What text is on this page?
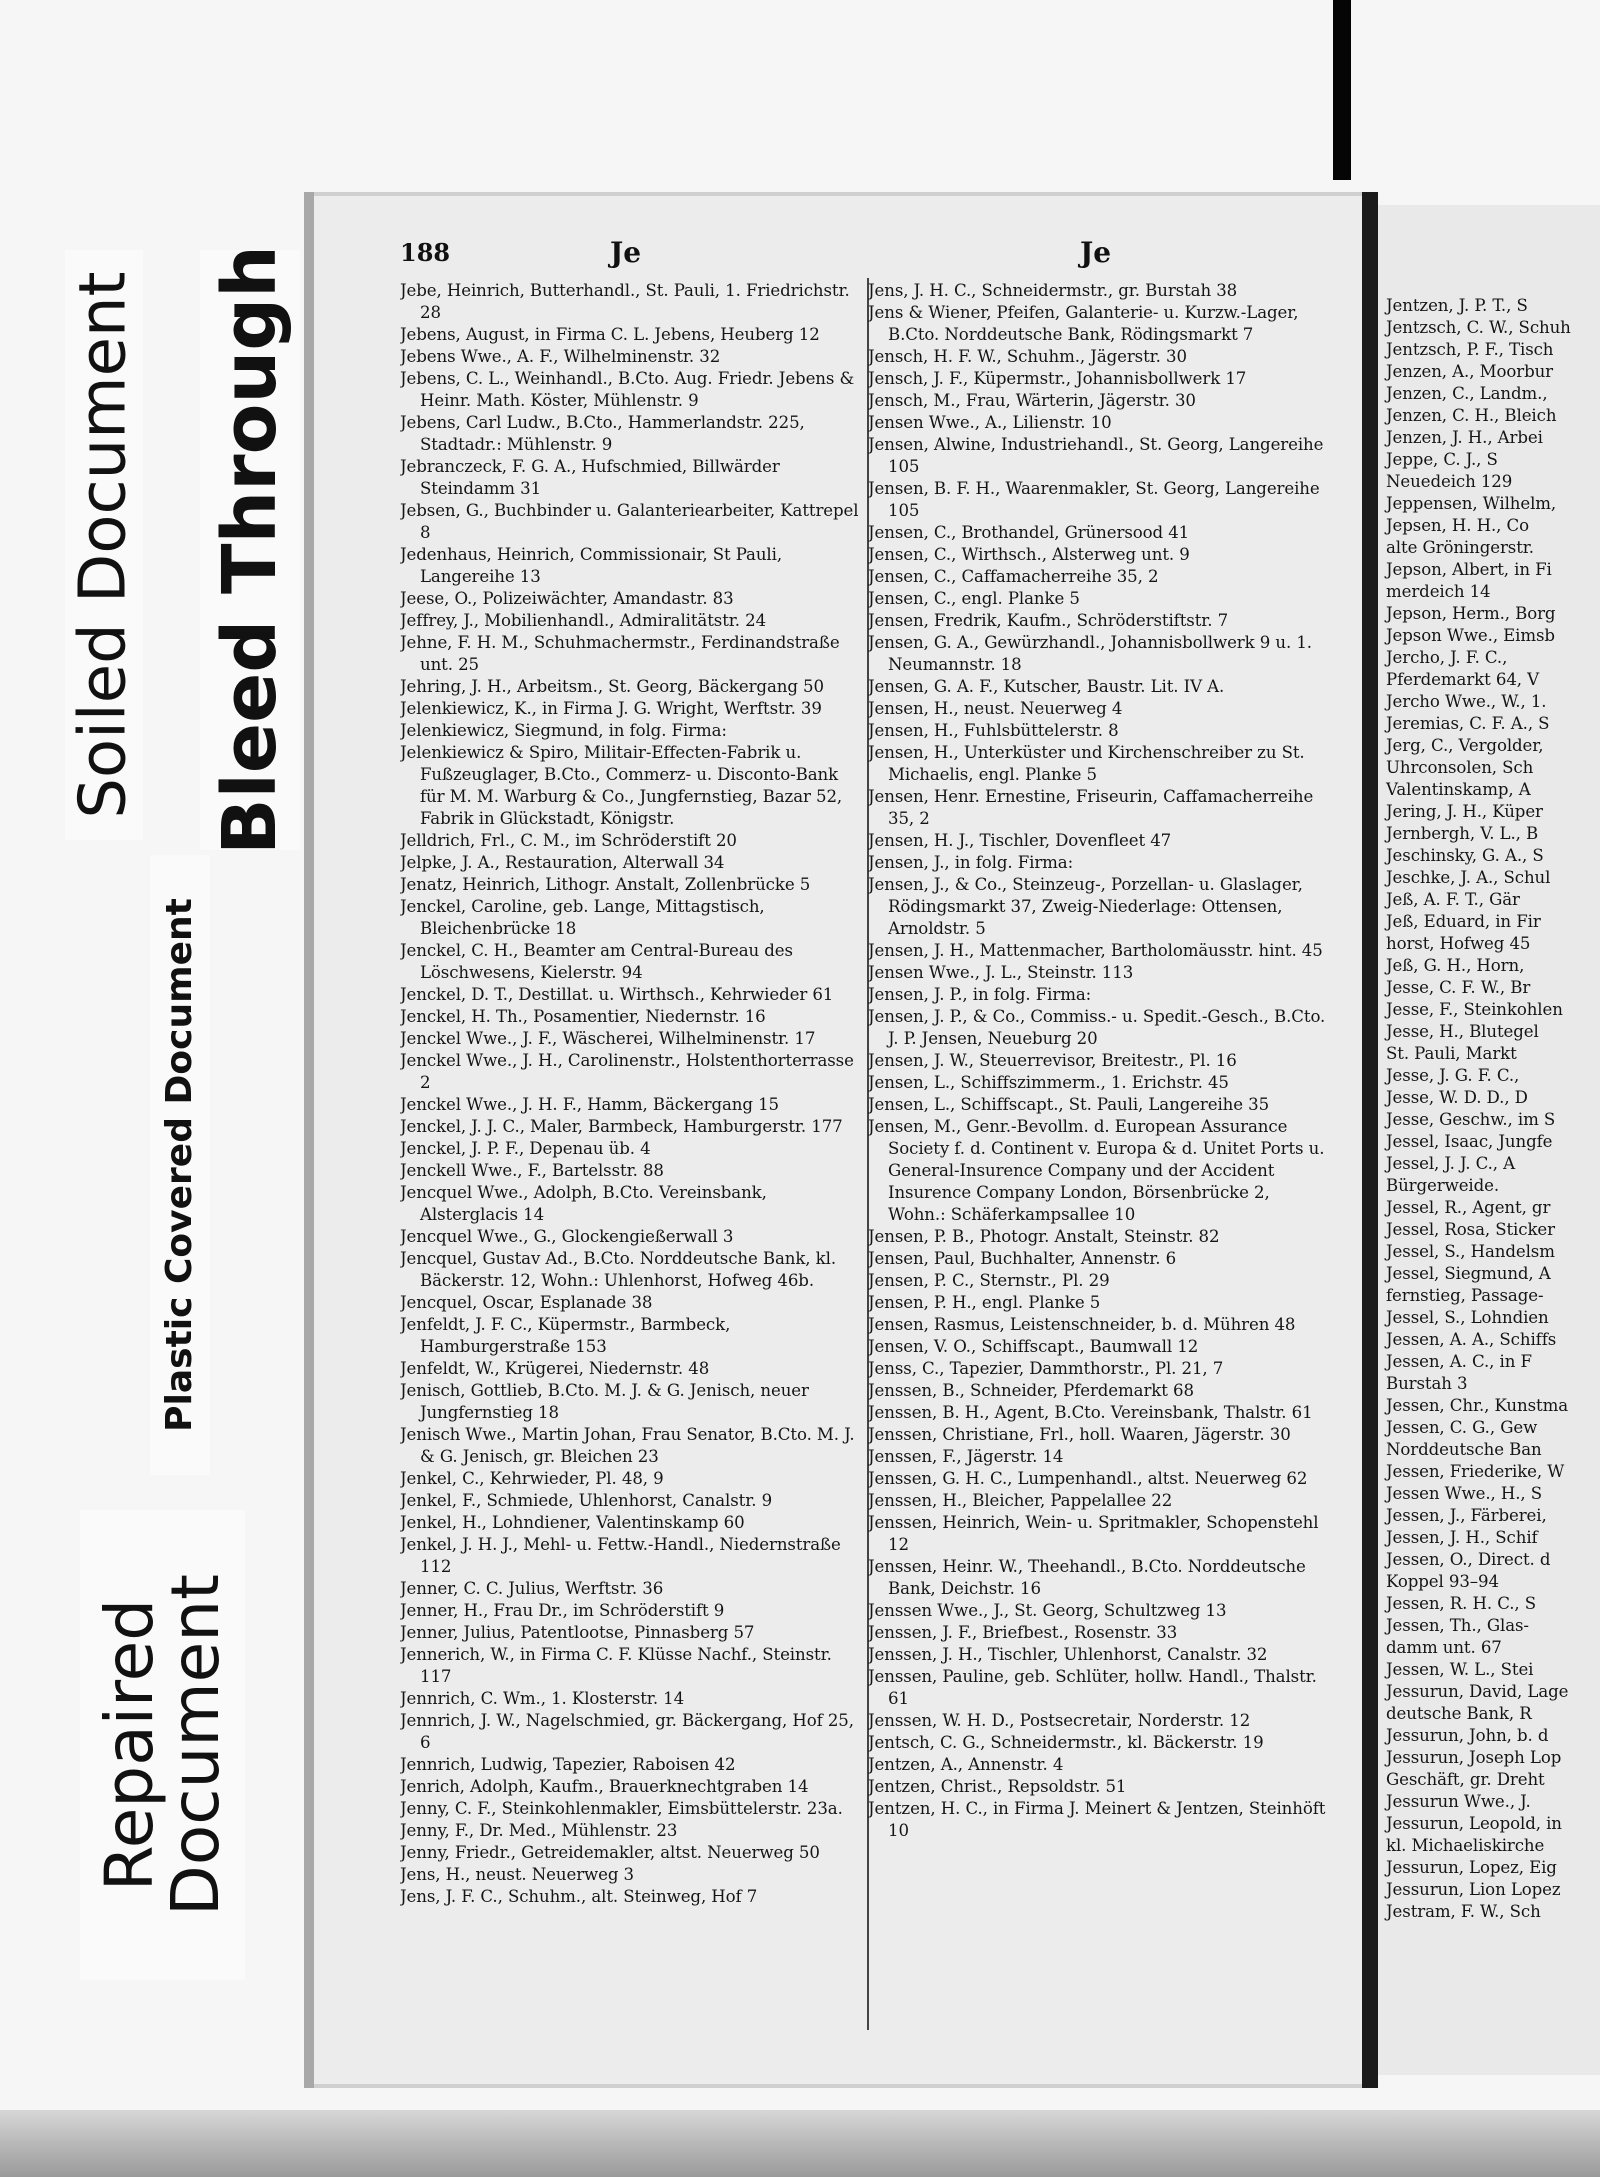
Soiled Document Bleed Through
Plastic Covered Document
Repaired
Document
188	Je	Je
Jebe, Heinrich, Butterhandl., St. Pauli, 1. Friedrichstr. 28
Jebens, August, in Firma C. L. Jebens, Heuberg 12
Jebens Wwe., A. F., Wilhelminenstr. 32
Jebens, C. L., Weinhandl., B.Cto. Aug. Friedr. Jebens & Heinr. Math. Köster, Mühlenstr. 9
Jebens, Carl Ludw., B.Cto., Hammerlandstr. 225, Stadtadr.: Mühlenstr. 9
Jebranczeck, F. G. A., Hufschmied, Billwärder Steindamm 31
Jebsen, G., Buchbinder u. Galanteriearbeiter, Kattrepel 8
Jedenhaus, Heinrich, Commissionair, St Pauli, Langereihe 13
Jeese, O., Polizeiwächter, Amandastr. 83
Jeffrey, J., Mobilienhandl., Admiralitätstr. 24
Jehne, F. H. M., Schuhmachermstr., Ferdinandstraße unt. 25
Jehring, J. H., Arbeitsm., St. Georg, Bäckergang 50
Jelenkiewicz, K., in Firma J. G. Wright, Werftstr. 39
Jelenkiewicz, Siegmund, in folg. Firma:
Jelenkiewicz & Spiro, Militair-Effecten-Fabrik u. Fußzeuglager, B.Cto., Commerz- u. Disconto-Bank für M. M. Warburg & Co., Jungfernstieg, Bazar 52, Fabrik in Glückstadt, Königstr.
Jelldrich, Frl., C. M., im Schröderstift 20
Jelpke, J. A., Restauration, Alterwall 34
Jenatz, Heinrich, Lithogr. Anstalt, Zollenbrücke 5
Jenckel, Caroline, geb. Lange, Mittagstisch, Bleichenbrücke 18
Jenckel, C. H., Beamter am Central-Bureau des Löschwesens, Kielerstr. 94
Jenckel, D. T., Destillat. u. Wirthsch., Kehrwieder 61
Jenckel, H. Th., Posamentier, Niedernstr. 16
Jenckel Wwe., J. F., Wäscherei, Wilhelminenstr. 17
Jenckel Wwe., J. H., Carolinenstr., Holstenthorterrasse 2
Jenckel Wwe., J. H. F., Hamm, Bäckergang 15
Jenckel, J. J. C., Maler, Barmbeck, Hamburgerstr. 177
Jenckel, J. P. F., Depenau üb. 4
Jenckell Wwe., F., Bartelsstr. 88
Jencquel Wwe., Adolph, B.Cto. Vereinsbank, Alsterglacis 14
Jencquel Wwe., G., Glockengießerwall 3
Jencquel, Gustav Ad., B.Cto. Norddeutsche Bank, kl. Bäckerstr. 12, Wohn.: Uhlenhorst, Hofweg 46b.
Jencquel, Oscar, Esplanade 38
Jenfeldt, J. F. C., Küpermstr., Barmbeck, Hamburgerstraße 153
Jenfeldt, W., Krügerei, Niedernstr. 48
Jenisch, Gottlieb, B.Cto. M. J. & G. Jenisch, neuer Jungfernstieg 18
Jenisch Wwe., Martin Johan, Frau Senator, B.Cto. M. J. & G. Jenisch, gr. Bleichen 23
Jenkel, C., Kehrwieder, Pl. 48, 9
Jenkel, F., Schmiede, Uhlenhorst, Canalstr. 9
Jenkel, H., Lohndiener, Valentinskamp 60
Jenkel, J. H. J., Mehl- u. Fettw.-Handl., Niedernstraße 112
Jenner, C. C. Julius, Werftstr. 36
Jenner, H., Frau Dr., im Schröderstift 9
Jenner, Julius, Patentlootse, Pinnasberg 57
Jennerich, W., in Firma C. F. Klüsse Nachf., Steinstr. 117
Jennrich, C. Wm., 1. Klosterstr. 14
Jennrich, J. W., Nagelschmied, gr. Bäckergang, Hof 25, 6
Jennrich, Ludwig, Tapezier, Raboisen 42
Jenrich, Adolph, Kaufm., Brauerknechtgraben 14
Jenny, C. F., Steinkohlenmakler, Eimsbüttelerstr. 23a.
Jenny, F., Dr. Med., Mühlenstr. 23
Jenny, Friedr., Getreidemakler, altst. Neuerweg 50
Jens, H., neust. Neuerweg 3
Jens, J. F. C., Schuhm., alt. Steinweg, Hof 7
Jens, J. H. C., Schneidermstr., gr. Burstah 38
Jens & Wiener, Pfeifen, Galanterie- u. Kurzw.-Lager, B.Cto. Norddeutsche Bank, Rödingsmarkt 7
Jensch, H. F. W., Schuhm., Jägerstr. 30
Jensch, J. F., Küpermstr., Johannisbollwerk 17
Jensch, M., Frau, Wärterin, Jägerstr. 30
Jensen Wwe., A., Lilienstr. 10
Jensen, Alwine, Industriehandl., St. Georg, Langereihe 105
Jensen, B. F. H., Waarenmakler, St. Georg, Langereihe 105
Jensen, C., Brothandel, Grünersood 41
Jensen, C., Wirthsch., Alsterweg unt. 9
Jensen, C., Caffamacherreihe 35, 2
Jensen, C., engl. Planke 5
Jensen, Fredrik, Kaufm., Schröderstiftstr. 7
Jensen, G. A., Gewürzhandl., Johannisbollwerk 9 u. 1. Neumannstr. 18
Jensen, G. A. F., Kutscher, Baustr. Lit. IV A.
Jensen, H., neust. Neuerweg 4
Jensen, H., Fuhlsbüttelerstr. 8
Jensen, H., Unterküster und Kirchenschreiber zu St. Michaelis, engl. Planke 5
Jensen, Henr. Ernestine, Friseurin, Caffamacherreihe 35, 2
Jensen, H. J., Tischler, Dovenfleet 47
Jensen, J., in folg. Firma:
Jensen, J., & Co., Steinzeug-, Porzellan- u. Glaslager, Rödingsmarkt 37, Zweig-Niederlage: Ottensen, Arnoldstr. 5
Jensen, J. H., Mattenmacher, Bartholomäusstr. hint. 45
Jensen Wwe., J. L., Steinstr. 113
Jensen, J. P., in folg. Firma:
Jensen, J. P., & Co., Commiss.- u. Spedit.-Gesch., B.Cto. J. P. Jensen, Neueburg 20
Jensen, J. W., Steuerrevisor, Breitestr., Pl. 16
Jensen, L., Schiffszimmerm., 1. Erichstr. 45
Jensen, L., Schiffscapt., St. Pauli, Langereihe 35
Jensen, M., Genr.-Bevollm. d. European Assurance Society f. d. Continent v. Europa & d. Unitet Ports u. General-Insurence Company und der Accident Insurence Company London, Börsenbrücke 2, Wohn.: Schäferkampsallee 10
Jensen, P. B., Photogr. Anstalt, Steinstr. 82
Jensen, Paul, Buchhalter, Annenstr. 6
Jensen, P. C., Sternstr., Pl. 29
Jensen, P. H., engl. Planke 5
Jensen, Rasmus, Leistenschneider, b. d. Mühren 48
Jensen, V. O., Schiffscapt., Baumwall 12
Jenss, C., Tapezier, Dammthorstr., Pl. 21, 7
Jenssen, B., Schneider, Pferdemarkt 68
Jenssen, B. H., Agent, B.Cto. Vereinsbank, Thalstr. 61
Jenssen, Christiane, Frl., holl. Waaren, Jägerstr. 30
Jenssen, F., Jägerstr. 14
Jenssen, G. H. C., Lumpenhandl., altst. Neuerweg 62
Jenssen, H., Bleicher, Pappelallee 22
Jenssen, Heinrich, Wein- u. Spritmakler, Schopenstehl 12
Jenssen, Heinr. W., Theehandl., B.Cto. Norddeutsche Bank, Deichstr. 16
Jenssen Wwe., J., St. Georg, Schultzweg 13
Jenssen, J. F., Briefbest., Rosenstr. 33
Jenssen, J. H., Tischler, Uhlenhorst, Canalstr. 32
Jenssen, Pauline, geb. Schlüter, hollw. Handl., Thalstr. 61
Jenssen, W. H. D., Postsecretair, Norderstr. 12
Jentsch, C. G., Schneidermstr., kl. Bäckerstr. 19
Jentzen, A., Annenstr. 4
Jentzen, Christ., Repsoldstr. 51
Jentzen, H. C., in Firma J. Meinert & Jentzen, Steinhöft 10
Jentzen, J. P. T., S
Jentzsch, C. W., Schuh
Jentzsch, P. F., Tisch
Jenzen, A., Moorbur
Jenzen, C., Landm.,
Jenzen, C. H., Bleich
Jenzen, J. H., Arbei
Jeppe, C. J., S
Neuedeich 129
Jeppensen, Wilhelm,
Jepsen, H. H., Co
alte Gröningerstr.
Jepson, Albert, in Fi
merdeich 14
Jepson, Herm., Borg
Jepson Wwe., Eimsb
Jercho, J. F. C.,
Pferdemarkt 64, V
Jercho Wwe., W., 1.
Jeremias, C. F. A., S
Jerg, C., Vergolder,
Uhrconsolen, Sch
Valentinskamp, A
Jering, J. H., Küper
Jernbergh, V. L., B
Jeschinsky, G. A., S
Jeschke, J. A., Schul
Jeß, A. F. T., Gär
Jeß, Eduard, in Fir
horst, Hofweg 45
Jeß, G. H., Horn,
Jesse, C. F. W., Br
Jesse, F., Steinkohlen
Jesse, H., Blutegel
St. Pauli, Markt
Jesse, J. G. F. C.,
Jesse, W. D. D., D
Jesse, Geschw., im S
Jessel, Isaac, Jungfe
Jessel, J. J. C., A
Bürgerweide.
Jessel, R., Agent, gr
Jessel, Rosa, Sticker
Jessel, S., Handelsm
Jessel, Siegmund, A
fernstieg, Passage-
Jessel, S., Lohndien
Jessen, A. A., Schiffs
Jessen, A. C., in F
Burstah 3
Jessen, Chr., Kunstma
Jessen, C. G., Gew
Norddeutsche Ban
Jessen, Friederike, W
Jessen Wwe., H., S
Jessen, J., Färberei,
Jessen, J. H., Schif
Jessen, O., Direct. d
Koppel 93–94
Jessen, R. H. C., S
Jessen, Th., Glas-
damm unt. 67
Jessen, W. L., Stei
Jessurun, David, Lage
deutsche Bank, R
Jessurun, John, b. d
Jessurun, Joseph Lop
Geschäft, gr. Dreht
Jessurun Wwe., J.
Jessurun, Leopold, in
kl. Michaeliskirche
Jessurun, Lopez, Eig
Jessurun, Lion Lopez
Jestram, F. W., Sch
